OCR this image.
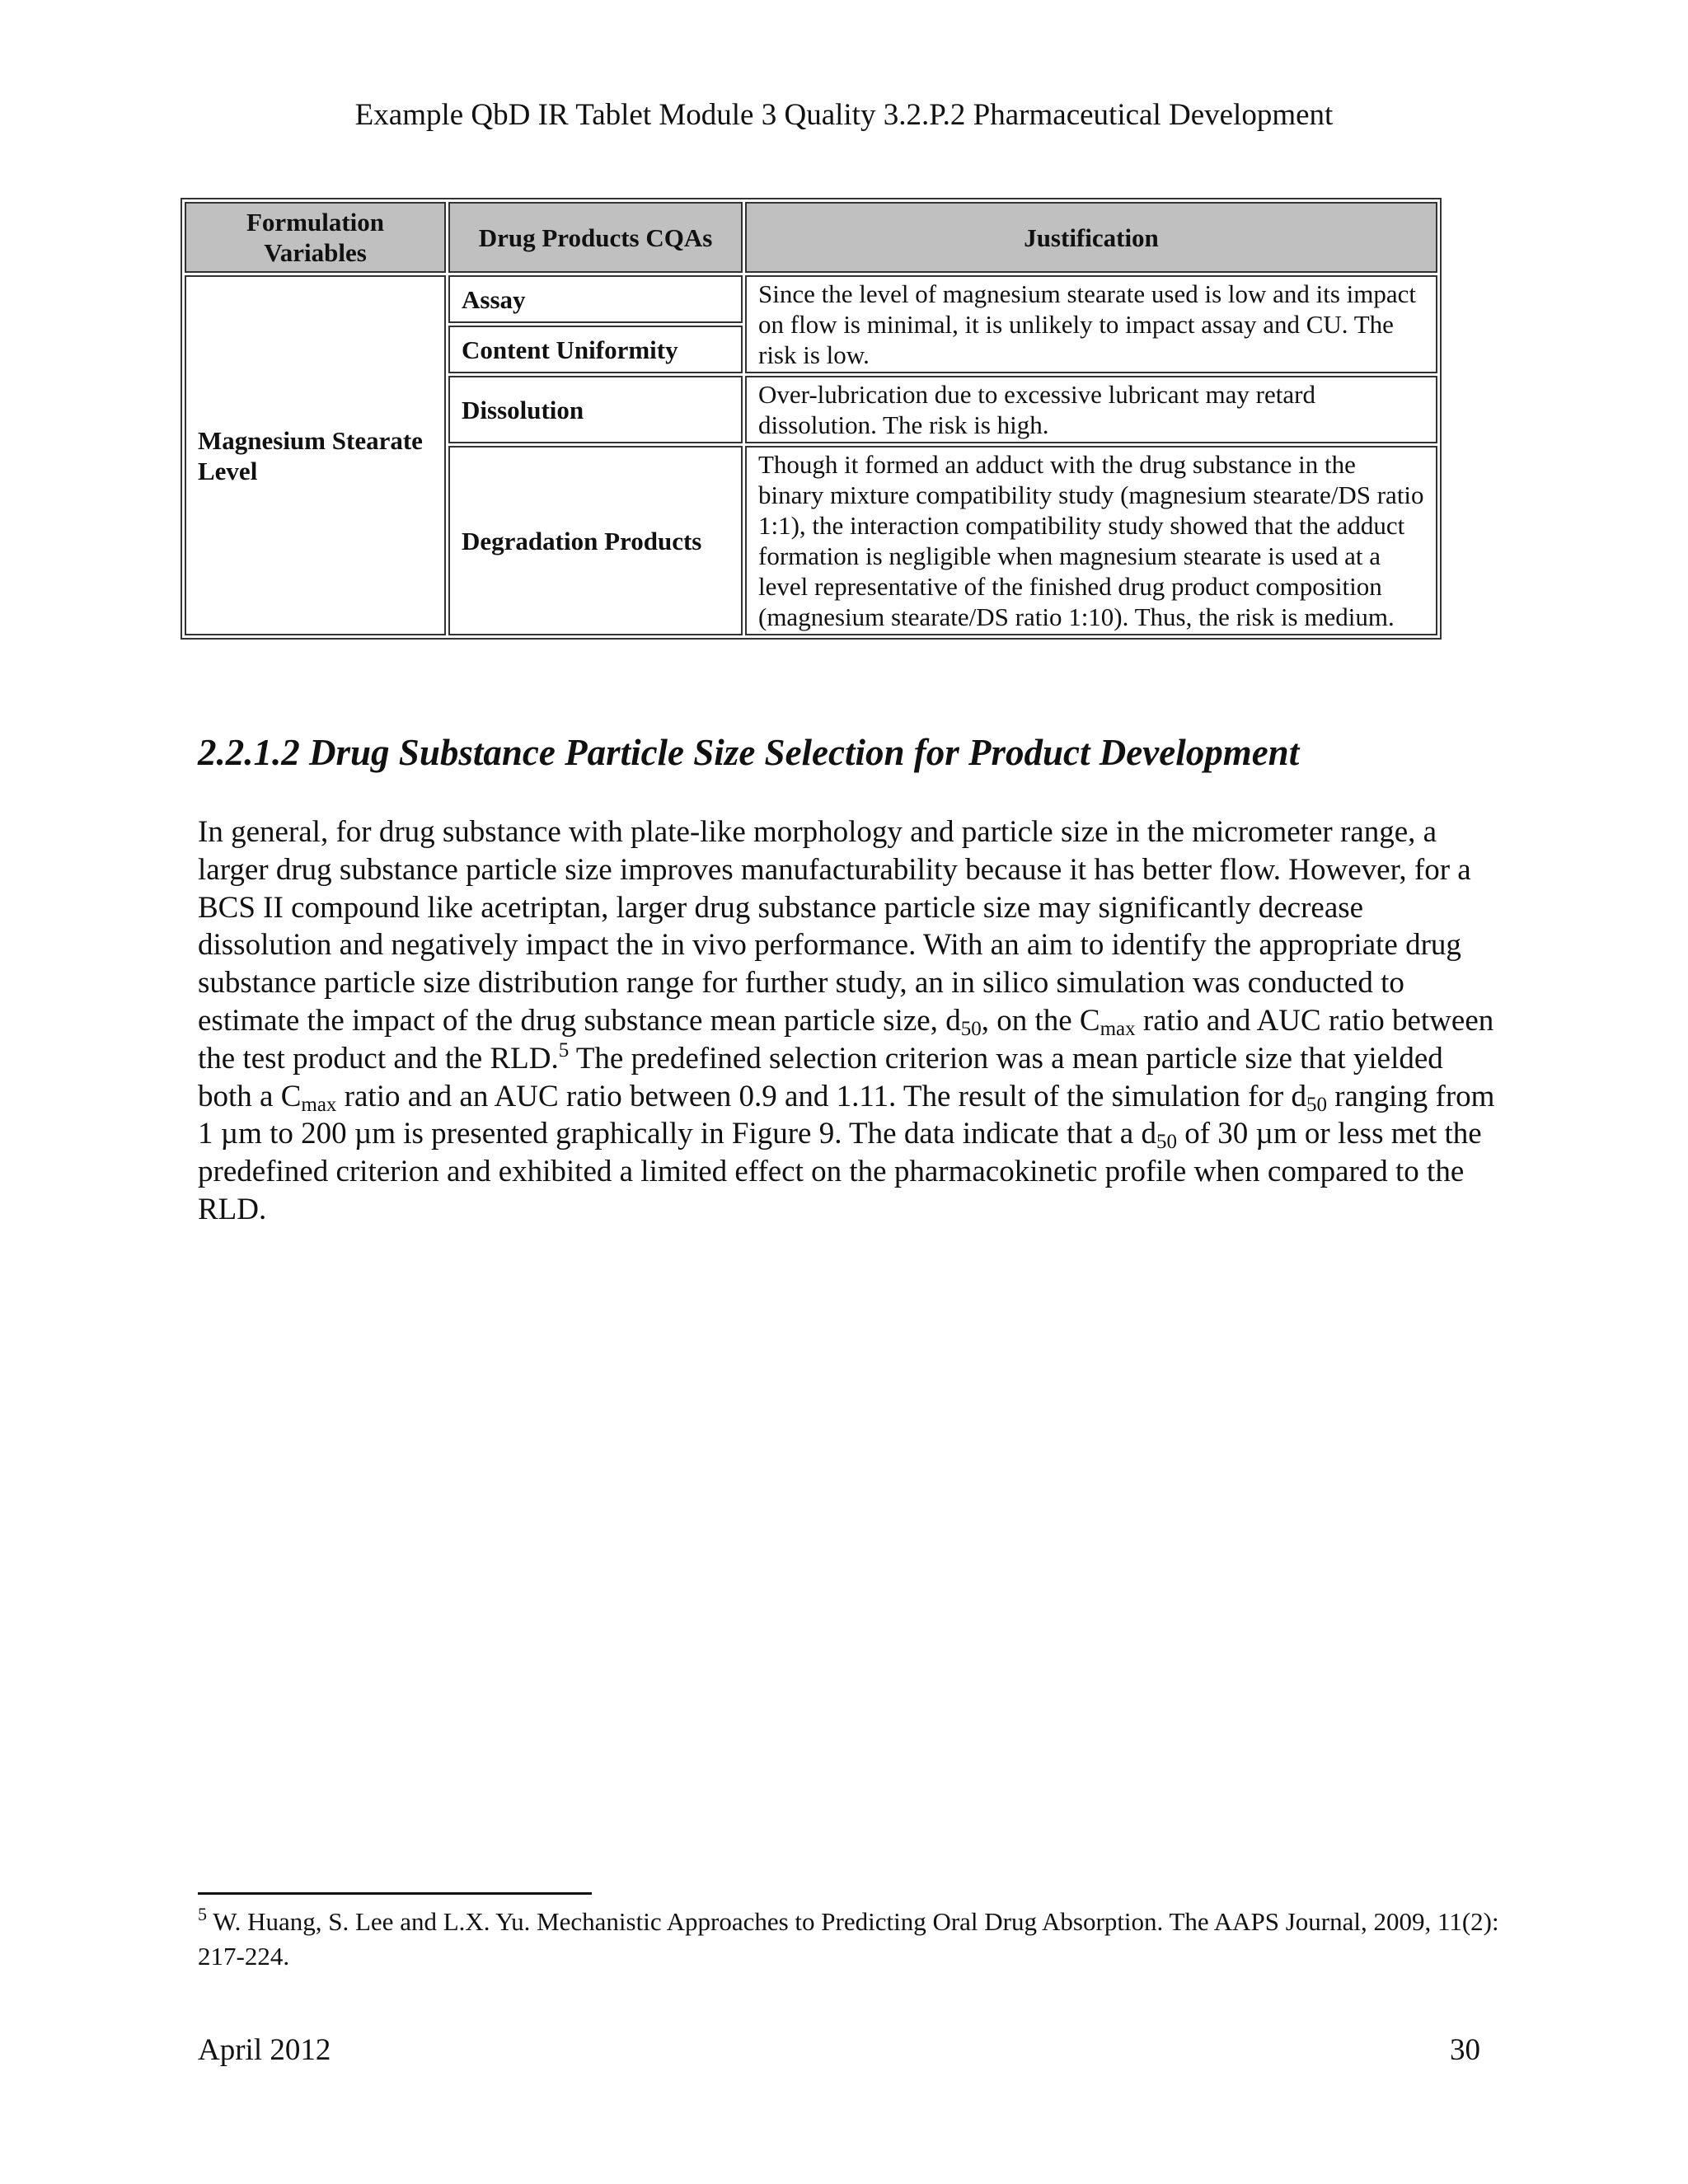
Example QbD IR Tablet Module 3 Quality 3.2.P.2 Pharmaceutical Development
Formulation Variables	Drug Products CQAs	Justification
Magnesium Stearate Level	Assay	Since the level of magnesium stearate used is low and its impact on flow is minimal, it is unlikely to impact assay and CU. The risk is low.
	Content Uniformity	
	Dissolution	Over-lubrication due to excessive lubricant may retard dissolution. The risk is high.
	Degradation Products	Though it formed an adduct with the drug substance in the binary mixture compatibility study (magnesium stearate/DS ratio 1:1), the interaction compatibility study showed that the adduct formation is negligible when magnesium stearate is used at a level representative of the finished drug product composition (magnesium stearate/DS ratio 1:10). Thus, the risk is medium.
2.2.1.2 Drug Substance Particle Size Selection for Product Development

In general, for drug substance with plate-like morphology and particle size in the micrometer range, a larger drug substance particle size improves manufacturability because it has better flow. However, for a BCS II compound like acetriptan, larger drug substance particle size may significantly decrease dissolution and negatively impact the in vivo performance. With an aim to identify the appropriate drug substance particle size distribution range for further study, an in silico simulation was conducted to estimate the impact of the drug substance mean particle size, $d_{50}$, on the $C_{max}$ ratio and AUC ratio between the test product and the RLD.$^5$ The predefined selection criterion was a mean particle size that yielded both a $C_{max}$ ratio and an AUC ratio between 0.9 and 1.11. The result of the simulation for $d_{50}$ ranging from 1 µm to 200 µm is presented graphically in Figure 9. The data indicate that a $d_{50}$ of 30 µm or less met the predefined criterion and exhibited a limited effect on the pharmacokinetic profile when compared to the RLD.

$^5$ W. Huang, S. Lee and L.X. Yu. Mechanistic Approaches to Predicting Oral Drug Absorption. The AAPS Journal, 2009, 11(2): 217-224.
April 2012	30
